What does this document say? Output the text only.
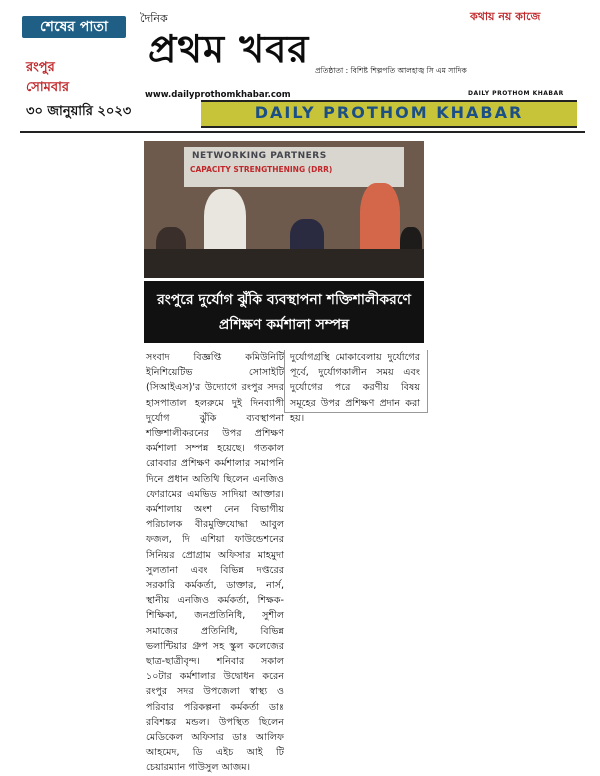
শেষের পাতা
দৈনিক	কথায় নয় কাজে
প্রথম খবর
রংপুর
সোমবার
৩০ জানুয়ারি ২০২৩
প্রতিষ্ঠাতা : বিশিষ্ট শিল্পপতি আলহাজ্ব সি এম সাদিক
www.dailyprothomkhabar.com	DAILY PROTHOM KHABAR
DAILY PROTHOM KHABAR
NETWORKING PARTNERS
CAPACITY STRENGTHENING (DRR)
রংপুরে দুর্যোগ ঝুঁকি ব্যবস্থাপনা শক্তিশালীকরণে
প্রশিক্ষণ কর্মশালা সম্পন্ন
সংবাদ বিজ্ঞপ্তি কমিউনিটি ইনিশিয়েটিভ সোসাইটি (সিআইএস)'র উদ্যোগে রংপুর সদর হাসপাতাল হলরুমে দুই দিনব্যাপী দুর্যোগ ঝুঁকি ব্যবস্থাপনা শক্তিশালীকরনের উপর প্রশিক্ষণ কর্মশালা সম্পন্ন হয়েছে। গতকাল রোববার প্রশিক্ষণ কর্মশালার সমাপনি দিনে প্রধান অতিথি ছিলেন এনজিও ফোরামের এমভিড সাদিয়া আক্তার। কর্মশালায় অংশ নেন বিভাগীয় পরিচালক বীরমুক্তিযোদ্ধা আবুল ফজল, দি এশিয়া ফাউন্ডেশনের সিনিয়র প্রোগ্রাম অফিসার মাহমুদা সুলতানা এবং বিভিন্ন দপ্তরের সরকারি কর্মকর্তা, ডাক্তার, নার্স, স্থানীয় এনজিও কর্মকর্তা, শিক্ষক-শিক্ষিকা, জনপ্রতিনিধি, সুশীল সমাজের প্রতিনিধি, বিভিন্ন ভলান্টিয়ার গ্রুপ সহ স্কুল কলেজের ছাত্র-ছাত্রীবৃন্দ। শনিবার সকাল ১০টার কর্মশালার উদ্বোধন করেন রংপুর সদর উপজেলা স্বাস্থ্য ও পরিবার পরিকল্পনা কর্মকর্তা ডাঃ রবিশঙ্কর মন্ডল। উপস্থিত ছিলেন মেডিকেল অফিসার ডাঃ আলিফ আহমেদ, ডি এইচ আই টি চেয়ারম্যান গাউসুল আজম।
দুর্যোগগ্রস্থি মোকাবেলায় দুর্যোগের পূর্বে, দুর্যোগকালীন সময় এবং দুর্যোগের পরে করণীয় বিষয় সমূহের উপর প্রশিক্ষণ প্রদান করা হয়।
